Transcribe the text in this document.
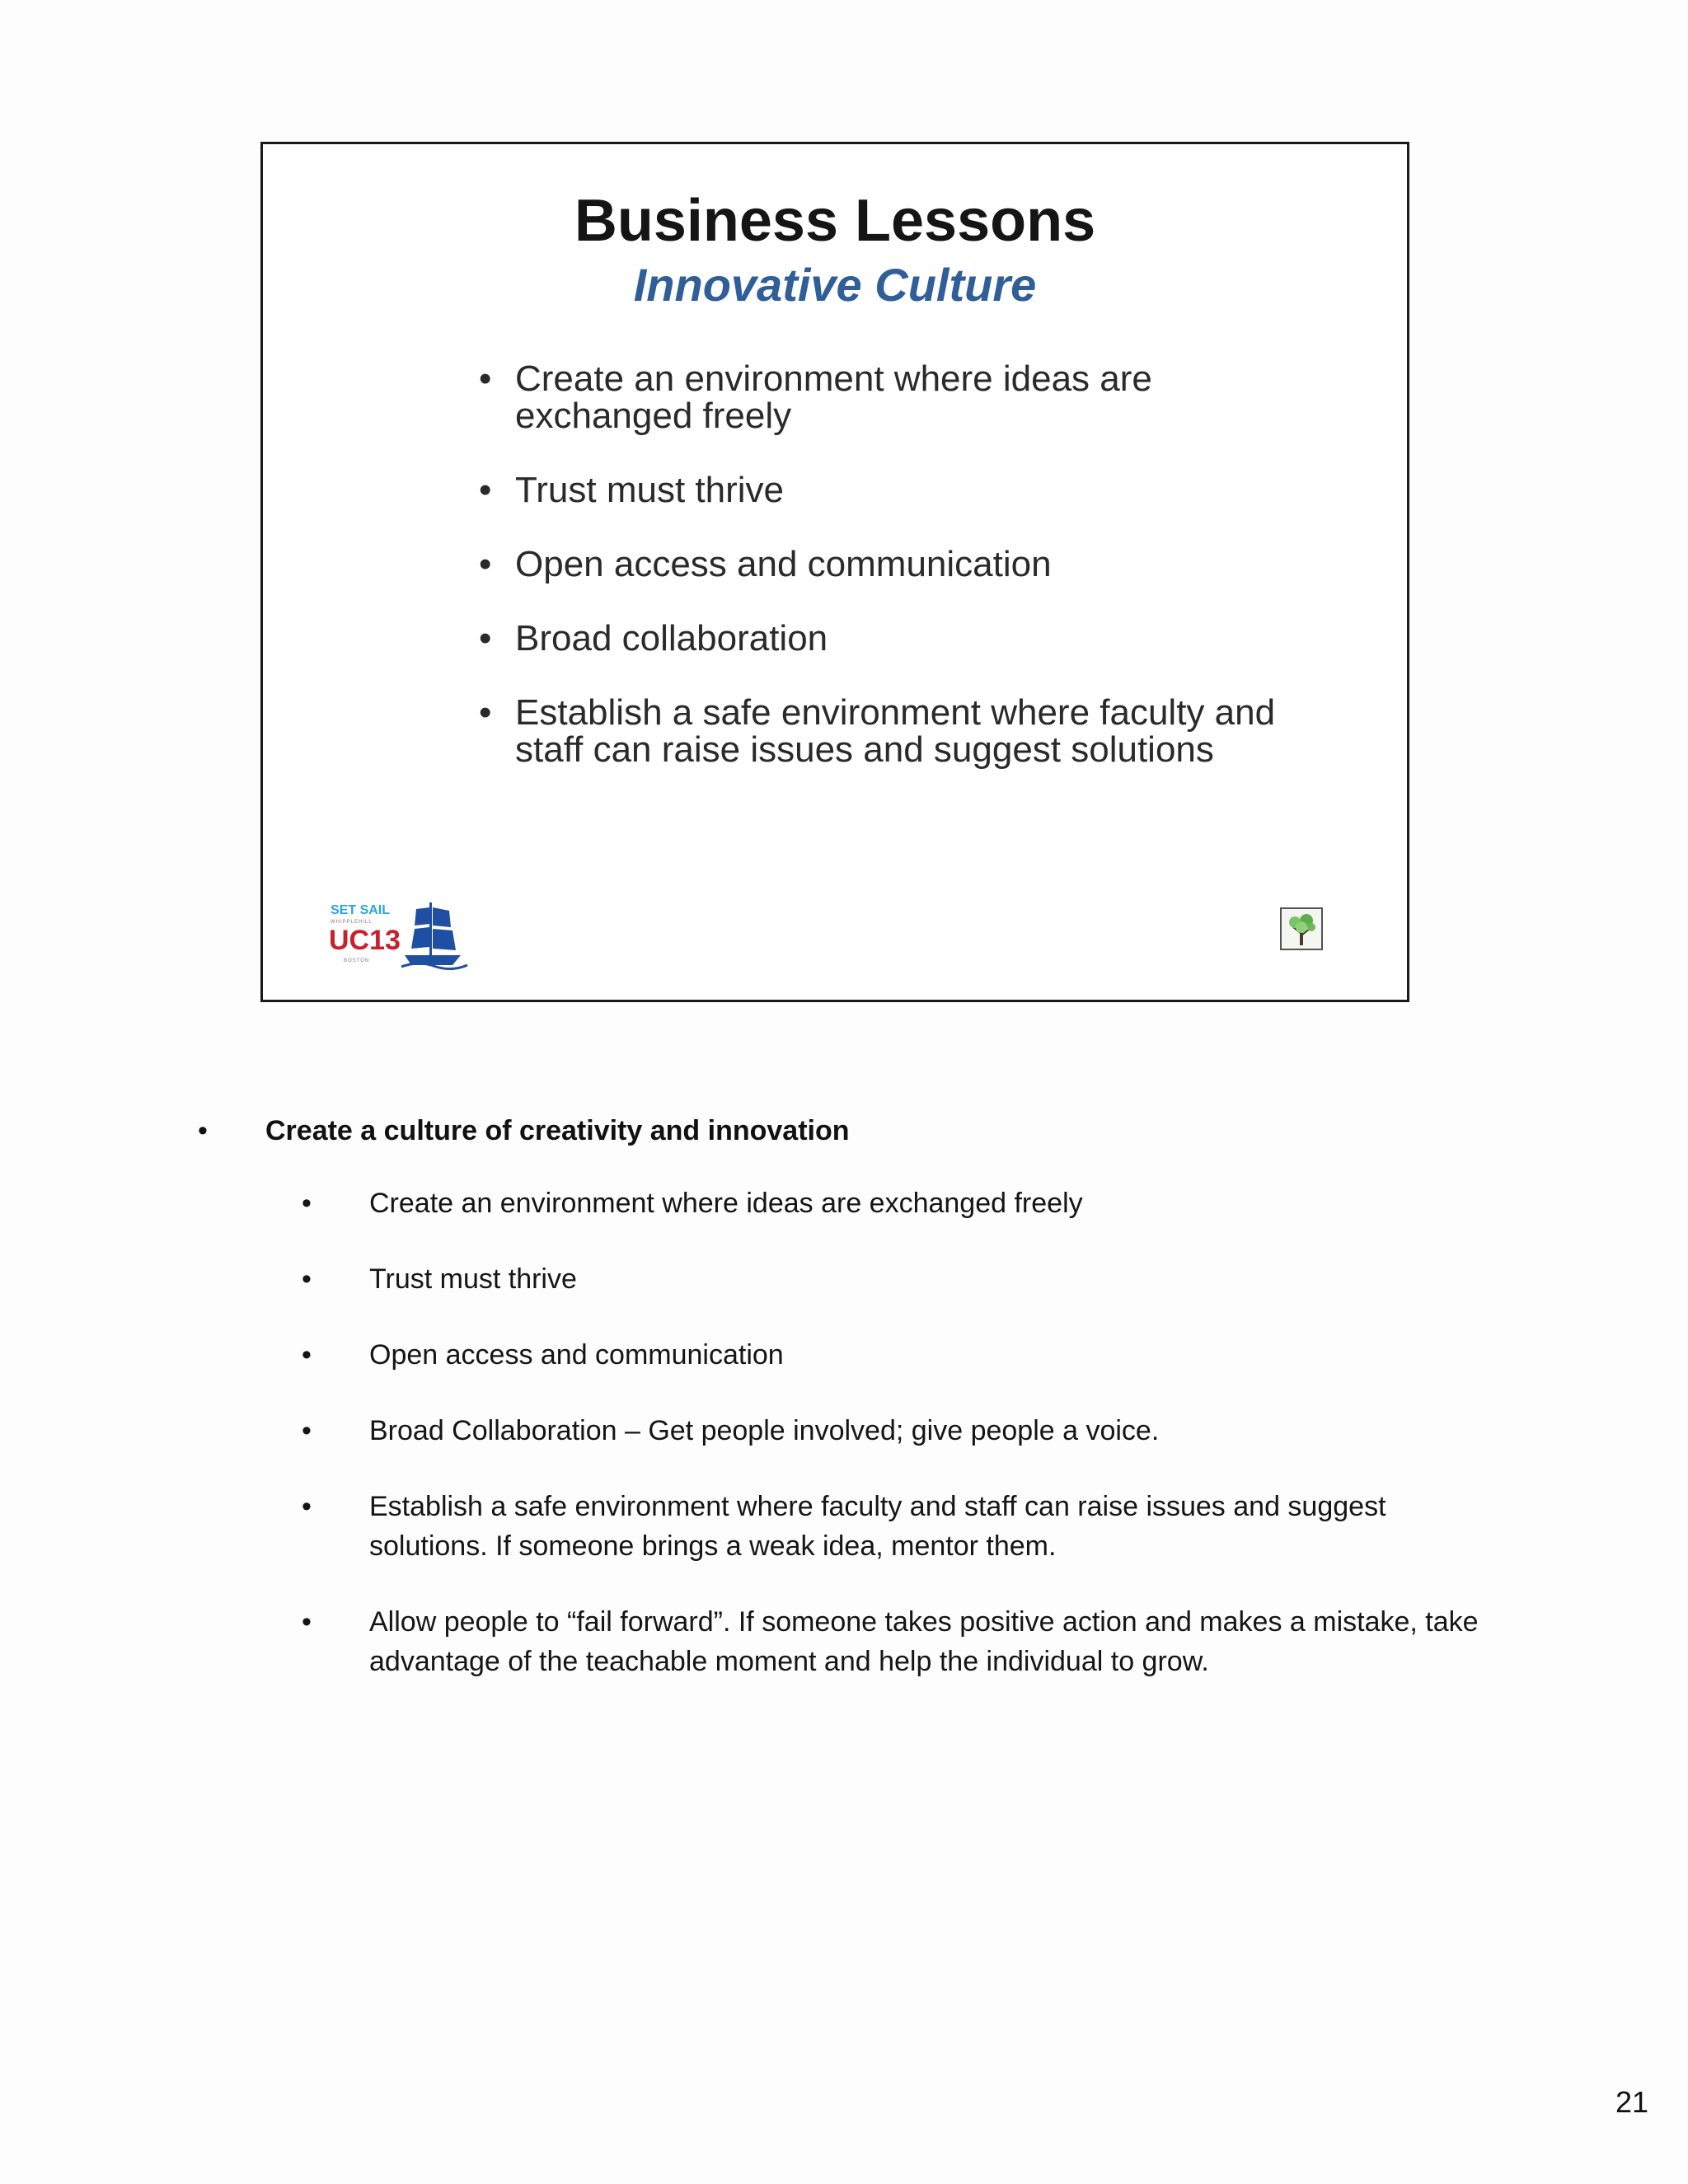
Business Lessons
Innovative Culture
• Create an environment where ideas are exchanged freely
• Trust must thrive
• Open access and communication
• Broad collaboration
• Establish a safe environment where faculty and staff can raise issues and suggest solutions
SET SAIL
WHIPPLEHILL
UC13
BOSTON
• Create a culture of creativity and innovation
• Create an environment where ideas are exchanged freely
• Trust must thrive
• Open access and communication
• Broad Collaboration – Get people involved; give people a voice.
• Establish a safe environment where faculty and staff can raise issues and suggest solutions. If someone brings a weak idea, mentor them.
• Allow people to “fail forward”. If someone takes positive action and makes a mistake, take advantage of the teachable moment and help the individual to grow.
21
